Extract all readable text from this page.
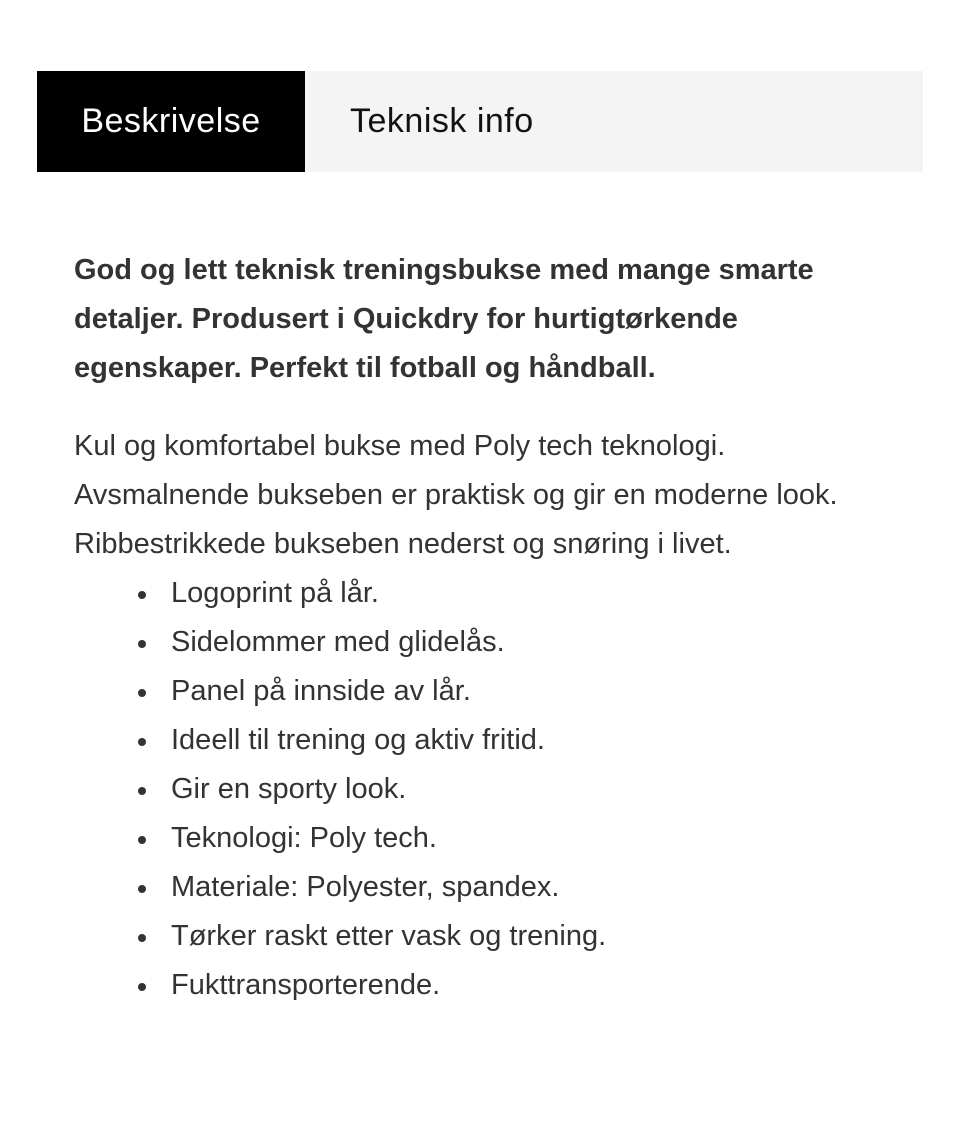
Beskrivelse	Teknisk info

God og lett teknisk treningsbukse med mange smarte detaljer. Produsert i Quickdry for hurtigtørkende egenskaper. Perfekt til fotball og håndball.

Kul og komfortabel bukse med Poly tech teknologi. Avsmalnende bukseben er praktisk og gir en moderne look. Ribbestrikkede bukseben nederst og snøring i livet.

Logoprint på lår.
Sidelommer med glidelås.
Panel på innside av lår.
Ideell til trening og aktiv fritid.
Gir en sporty look.
Teknologi: Poly tech.
Materiale: Polyester, spandex.
Tørker raskt etter vask og trening.
Fukttransporterende.
